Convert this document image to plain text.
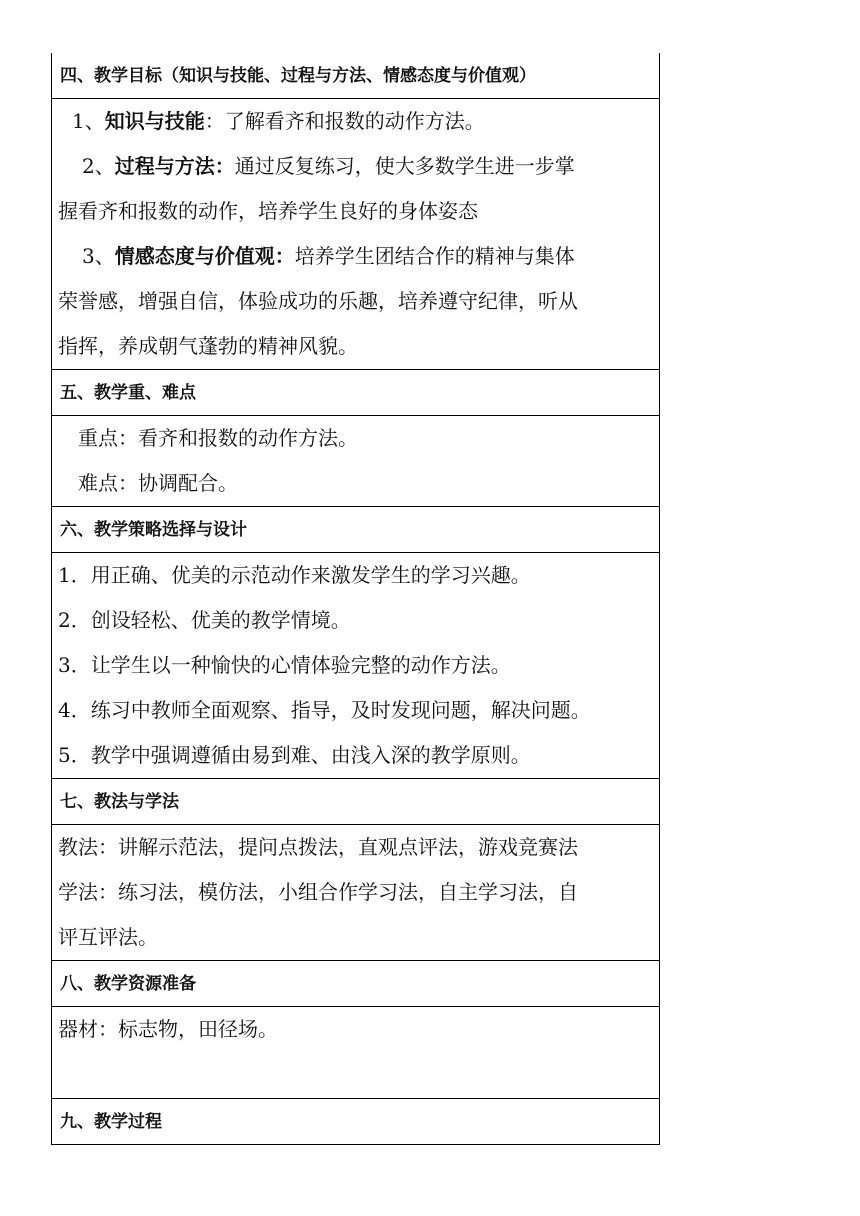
四、教学目标（知识与技能、过程与方法、情感态度与价值观）
1、知识与技能：了解看齐和报数的动作方法。
2、过程与方法：通过反复练习，使大多数学生进一步掌
握看齐和报数的动作，培养学生良好的身体姿态
3、情感态度与价值观：培养学生团结合作的精神与集体
荣誉感，增强自信，体验成功的乐趣，培养遵守纪律，听从
指挥，养成朝气蓬勃的精神风貌。
五、教学重、难点
重点：看齐和报数的动作方法。
难点：协调配合。
六、教学策略选择与设计
1．用正确、优美的示范动作来激发学生的学习兴趣。
2．创设轻松、优美的教学情境。
3．让学生以一种愉快的心情体验完整的动作方法。
4．练习中教师全面观察、指导，及时发现问题，解决问题。
5．教学中强调遵循由易到难、由浅入深的教学原则。
七、教法与学法
教法：讲解示范法，提问点拨法，直观点评法，游戏竞赛法
学法：练习法，模仿法，小组合作学习法，自主学习法，自
评互评法。
八、教学资源准备
器材：标志物，田径场。
九、教学过程
